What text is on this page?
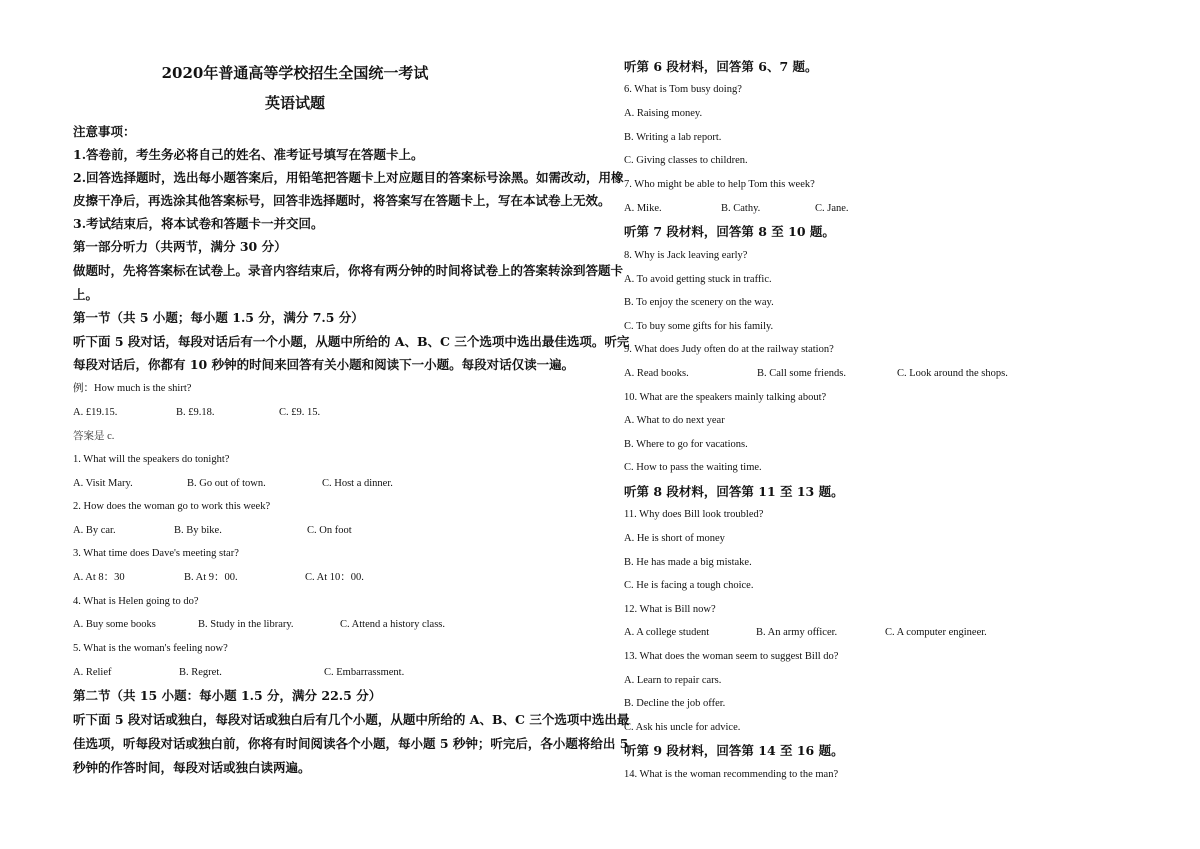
2020年普通高等学校招生全国统一考试
英语试题
注意事项：
1.答卷前，考生务必将自己的姓名、准考证号填写在答题卡上。
2.回答选择题时，选出每小题答案后，用铅笔把答题卡上对应题目的答案标号涂黑。如需改动，用橡
皮擦干净后，再选涂其他答案标号，回答非选择题时，将答案写在答题卡上，写在本试卷上无效。
3.考试结束后，将本试卷和答题卡一并交回。
第一部分听力（共两节，满分 30 分）
做题时，先将答案标在试卷上。录音内容结束后，你将有两分钟的时间将试卷上的答案转涂到答题卡
上。
第一节（共 5 小题；每小题 1.5 分，满分 7.5 分）
听下面 5 段对话，每段对话后有一个小题，从题中所给的 A、B、C 三个选项中选出最佳选项。听完
每段对话后，你都有 10 秒钟的时间来回答有关小题和阅读下一小题。每段对话仅读一遍。
例：How much is the shirt?
A. £19.15.	B. £9.18.	C. £9. 15.
答案是 c.
1. What will the speakers do tonight?
A. Visit Mary.	B. Go out of town.	C. Host a dinner.
2. How does the woman go to work this week?
A. By car.	B. By bike.	C. On foot
3. What time does Dave's meeting star?
A. At 8：30	B. At 9：00.	C. At 10：00.
4. What is Helen going to do?
A. Buy some books	B. Study in the library.	C. Attend a history class.
5. What is the woman's feeling now?
A. Relief	B. Regret.	C. Embarrassment.
第二节（共 15 小题：每小题 1.5 分，满分 22.5 分）
听下面 5 段对话或独白，每段对话或独白后有几个小题，从题中所给的 A、B、C 三个选项中选出最
佳选项，听每段对话或独白前，你将有时间阅读各个小题，每小题 5 秒钟；听完后，各小题将给出 5
秒钟的作答时间，每段对话或独白读两遍。
听第 6 段材料，回答第 6、7 题。
6. What is Tom busy doing?
A. Raising money.
B. Writing a lab report.
C. Giving classes to children.
7. Who might be able to help Tom this week?
A. Mike.	B. Cathy.	C. Jane.
听第 7 段材料，回答第 8 至 10 题。
8. Why is Jack leaving early?
A. To avoid getting stuck in traffic.
B. To enjoy the scenery on the way.
C. To buy some gifts for his family.
9. What does Judy often do at the railway station?
A. Read books.	B. Call some friends.	C. Look around the shops.
10. What are the speakers mainly talking about?
A. What to do next year
B. Where to go for vacations.
C. How to pass the waiting time.
听第 8 段材料，回答第 11 至 13 题。
11. Why does Bill look troubled?
A. He is short of money
B. He has made a big mistake.
C. He is facing a tough choice.
12. What is Bill now?
A. A college student	B. An army officer.	C. A computer engineer.
13. What does the woman seem to suggest Bill do?
A. Learn to repair cars.
B. Decline the job offer.
C. Ask his uncle for advice.
听第 9 段材料，回答第 14 至 16 题。
14. What is the woman recommending to the man?
